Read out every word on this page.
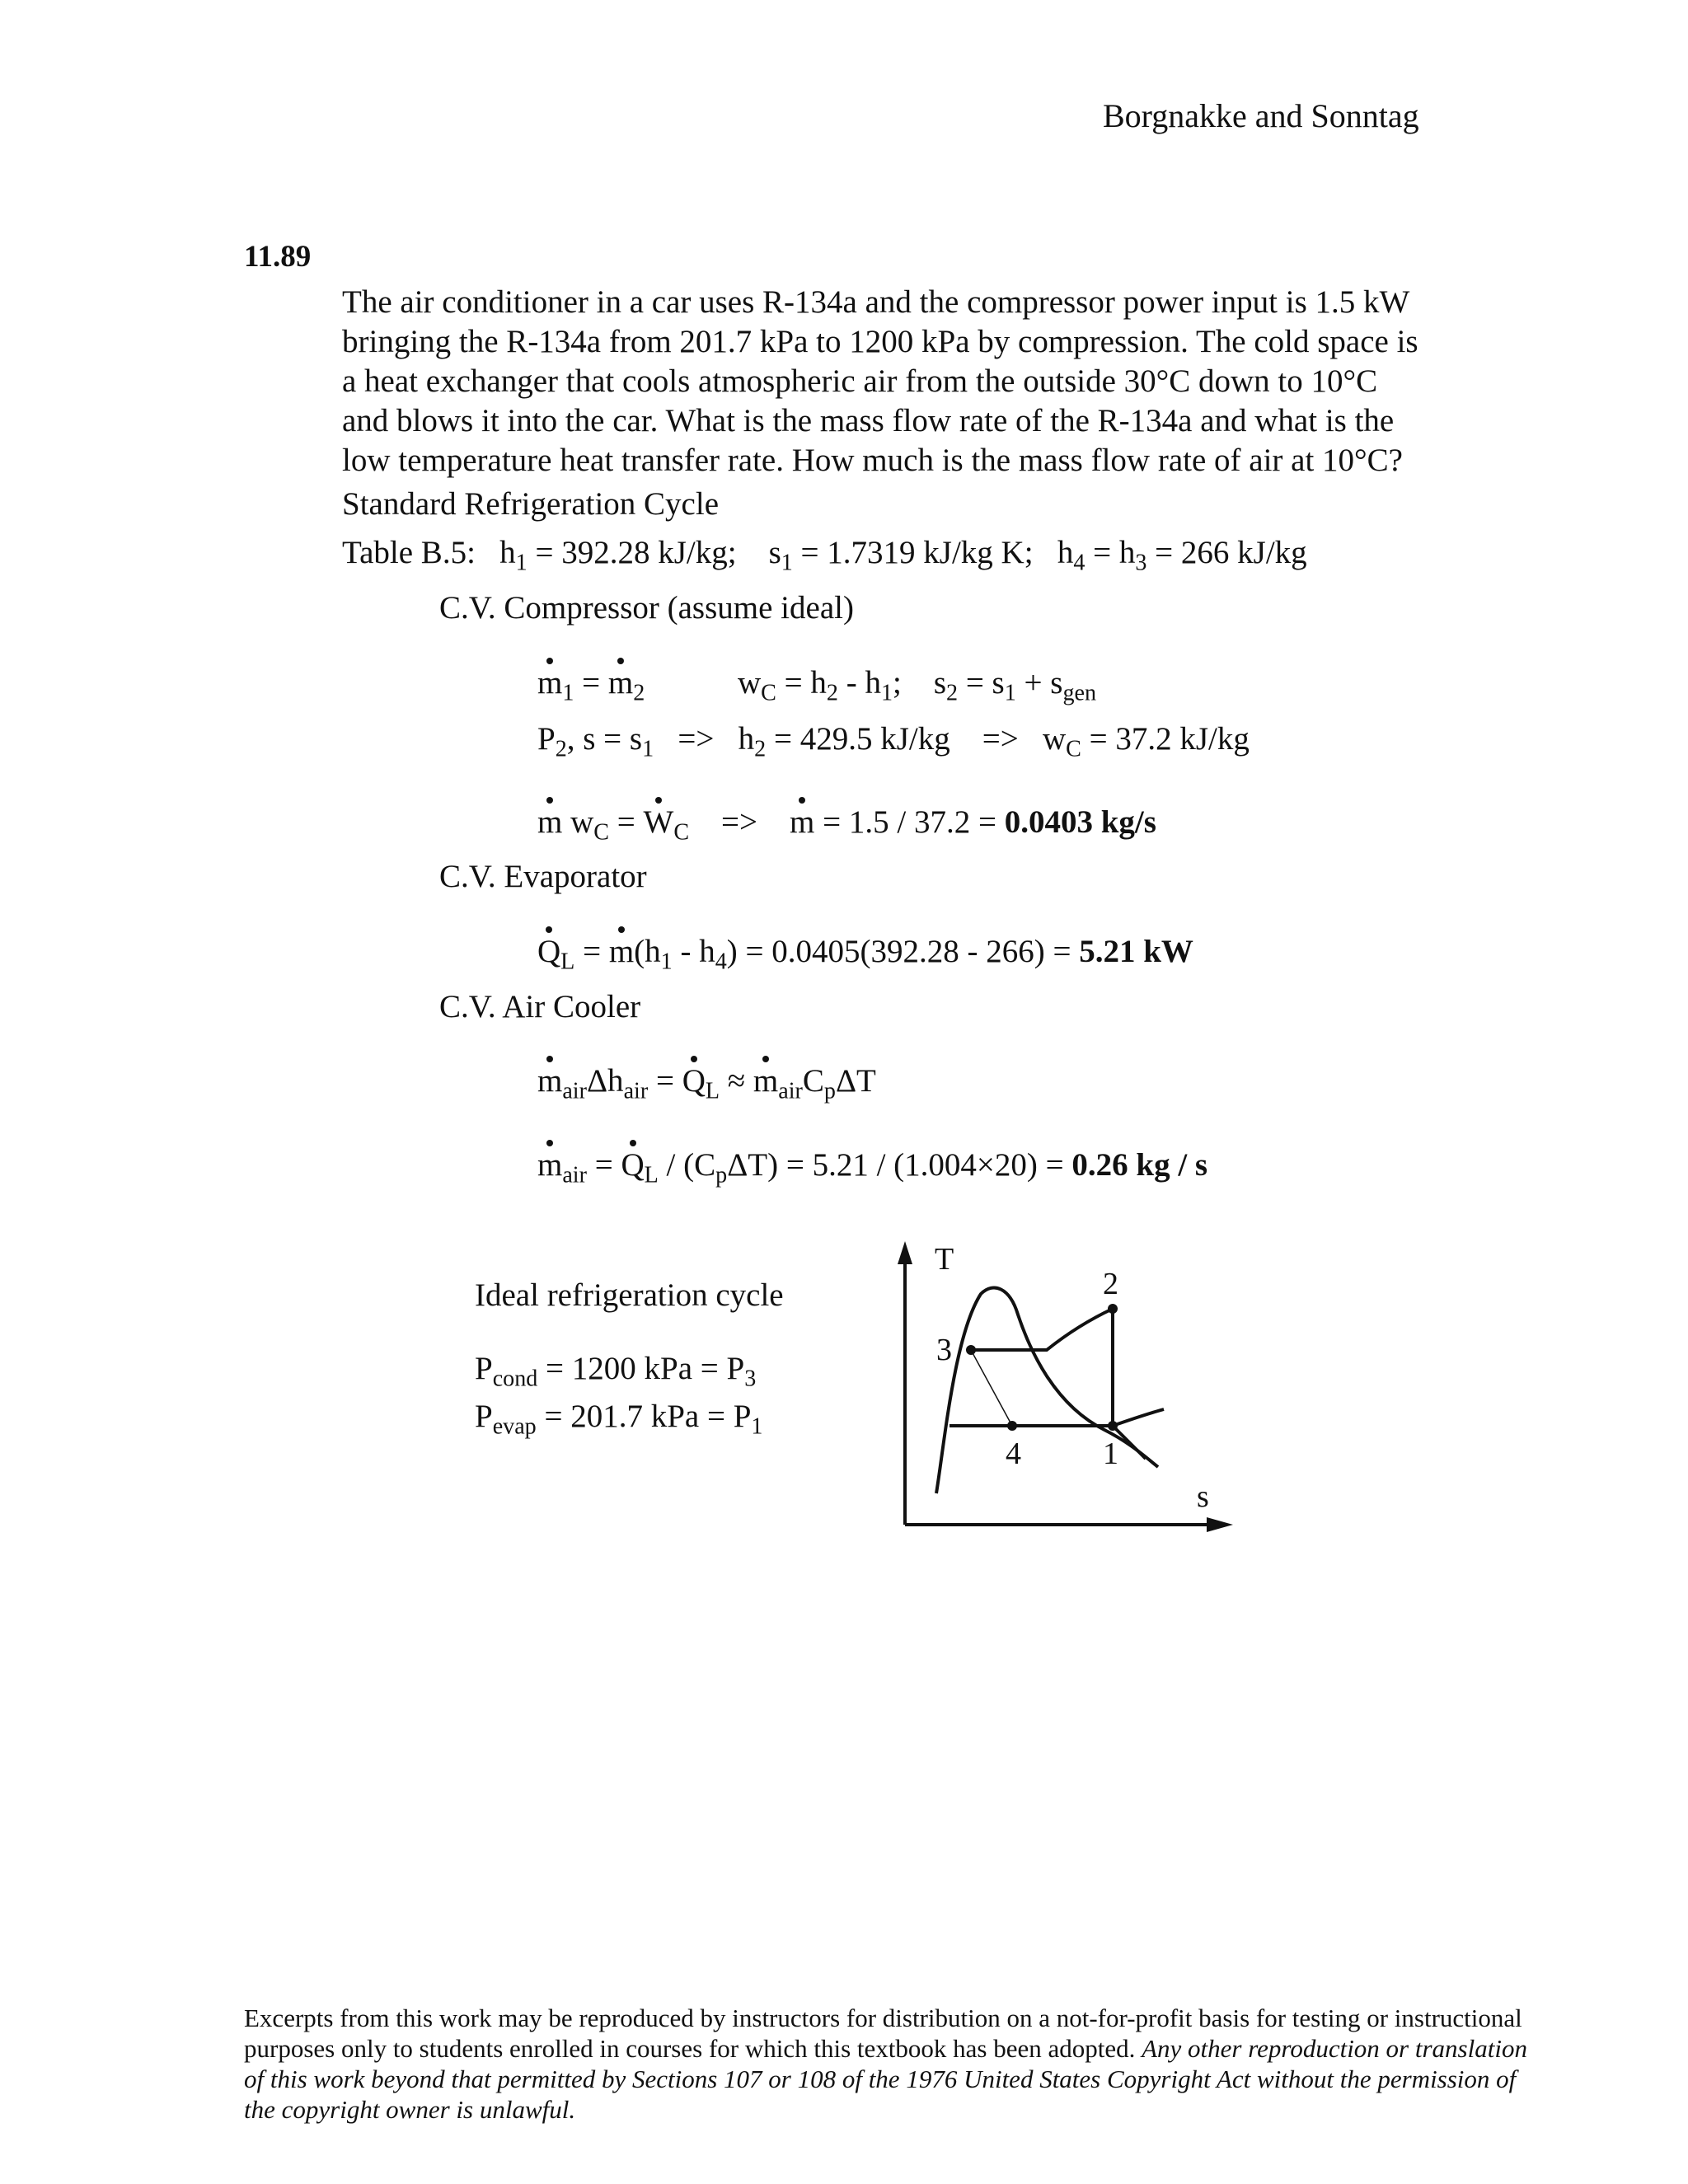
Borgnakke and Sonntag
11.89
The air conditioner in a car uses R-134a and the compressor power input is 1.5 kW
bringing the R-134a from 201.7 kPa to 1200 kPa by compression. The cold space is
a heat exchanger that cools atmospheric air from the outside 30°C down to 10°C
and blows it into the car. What is the mass flow rate of the R-134a and what is the
low temperature heat transfer rate. How much is the mass flow rate of air at 10°C?
Standard Refrigeration Cycle
Table B.5:   $h_1 = 392.28$ kJ/kg;    $s_1 = 1.7319$ kJ/kg K;   $h_4 = h_3 = 266$ kJ/kg
C.V. Compressor (assume ideal)
$m_1 = m_2$	$w_C = h_2 - h_1$;    $s_2 = s_1 + s_{gen}$
$P_2$, $s = s_1 => h_2 = 429.5$ kJ/kg    =>   $w_C = 37.2$ kJ/kg
m $w_C = W_C$    =>    m = 1.5 / 37.2 = 0.0403 kg/s
C.V. Evaporator
$Q_L = m(h_1 - h_4) = 0.0405(392.28 - 266) = 5.21$ kW
C.V. Air Cooler
$m_{air}\Delta h_{air} = Q_L \approx m_{air}C_p\Delta T$
$m_{air} = Q_L / (C_p\Delta T) = 5.21 / (1.004\times 20) = 0.26$ kg / s
Ideal refrigeration cycle
$P_{cond} = 1200$ kPa = $P_3$
$P_{evap} = 201.7$ kPa = $P_1$
T
s
3
4	1
2
Excerpts from this work may be reproduced by instructors for distribution on a not-for-profit basis for testing or instructional purposes only to students enrolled in courses for which this textbook has been adopted. Any other reproduction or translation of this work beyond that permitted by Sections 107 or 108 of the 1976 United States Copyright Act without the permission of the copyright owner is unlawful.
